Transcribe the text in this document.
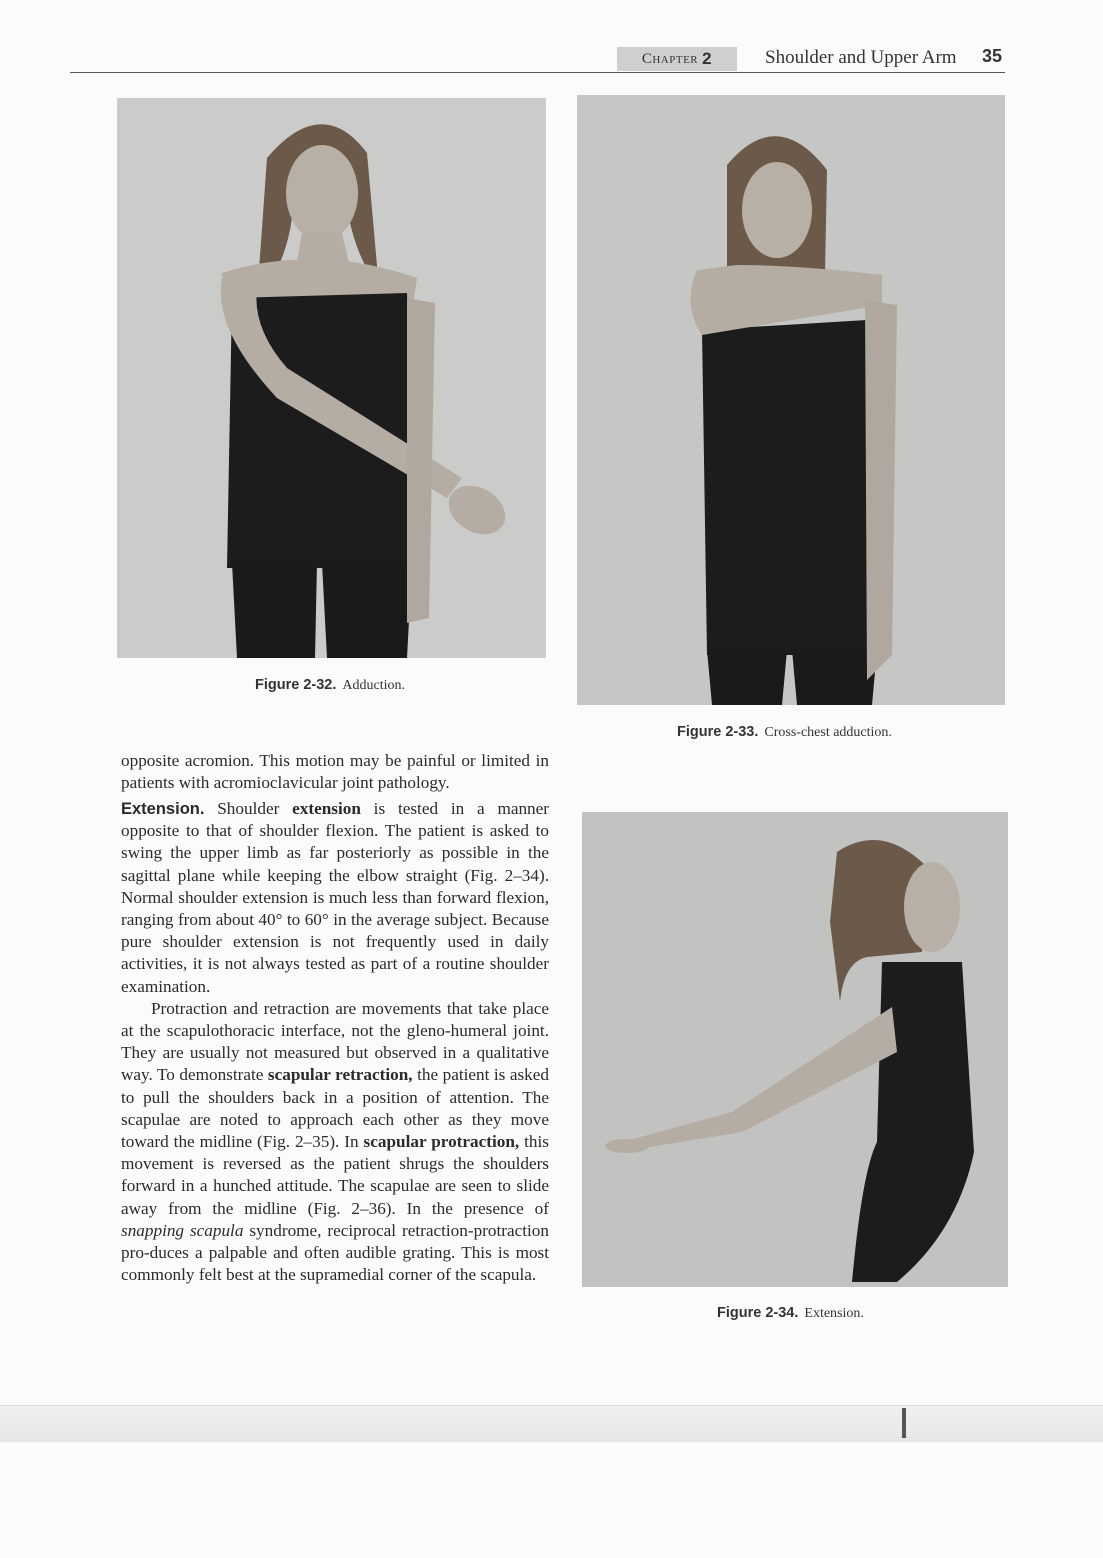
Chapter 2	Shoulder and Upper Arm 35
Figure 2-32. Adduction.
Figure 2-33. Cross-chest adduction.
Figure 2-34. Extension.

opposite acromion. This motion may be painful or limited in patients with acromioclavicular joint pathology.

Extension. Shoulder extension is tested in a manner opposite to that of shoulder flexion. The patient is asked to swing the upper limb as far posteriorly as possible in the sagittal plane while keeping the elbow straight (Fig. 2–34). Normal shoulder extension is much less than forward flexion, ranging from about 40° to 60° in the average subject. Because pure shoulder extension is not frequently used in daily activities, it is not always tested as part of a routine shoulder examination.

Protraction and retraction are movements that take place at the scapulothoracic interface, not the gleno-humeral joint. They are usually not measured but observed in a qualitative way. To demonstrate scapular retraction, the patient is asked to pull the shoulders back in a position of attention. The scapulae are noted to approach each other as they move toward the midline (Fig. 2–35). In scapular protraction, this movement is reversed as the patient shrugs the shoulders forward in a hunched attitude. The scapulae are seen to slide away from the midline (Fig. 2–36). In the presence of snapping scapula syndrome, reciprocal retraction-protraction pro-duces a palpable and often audible grating. This is most commonly felt best at the supramedial corner of the scapula.
